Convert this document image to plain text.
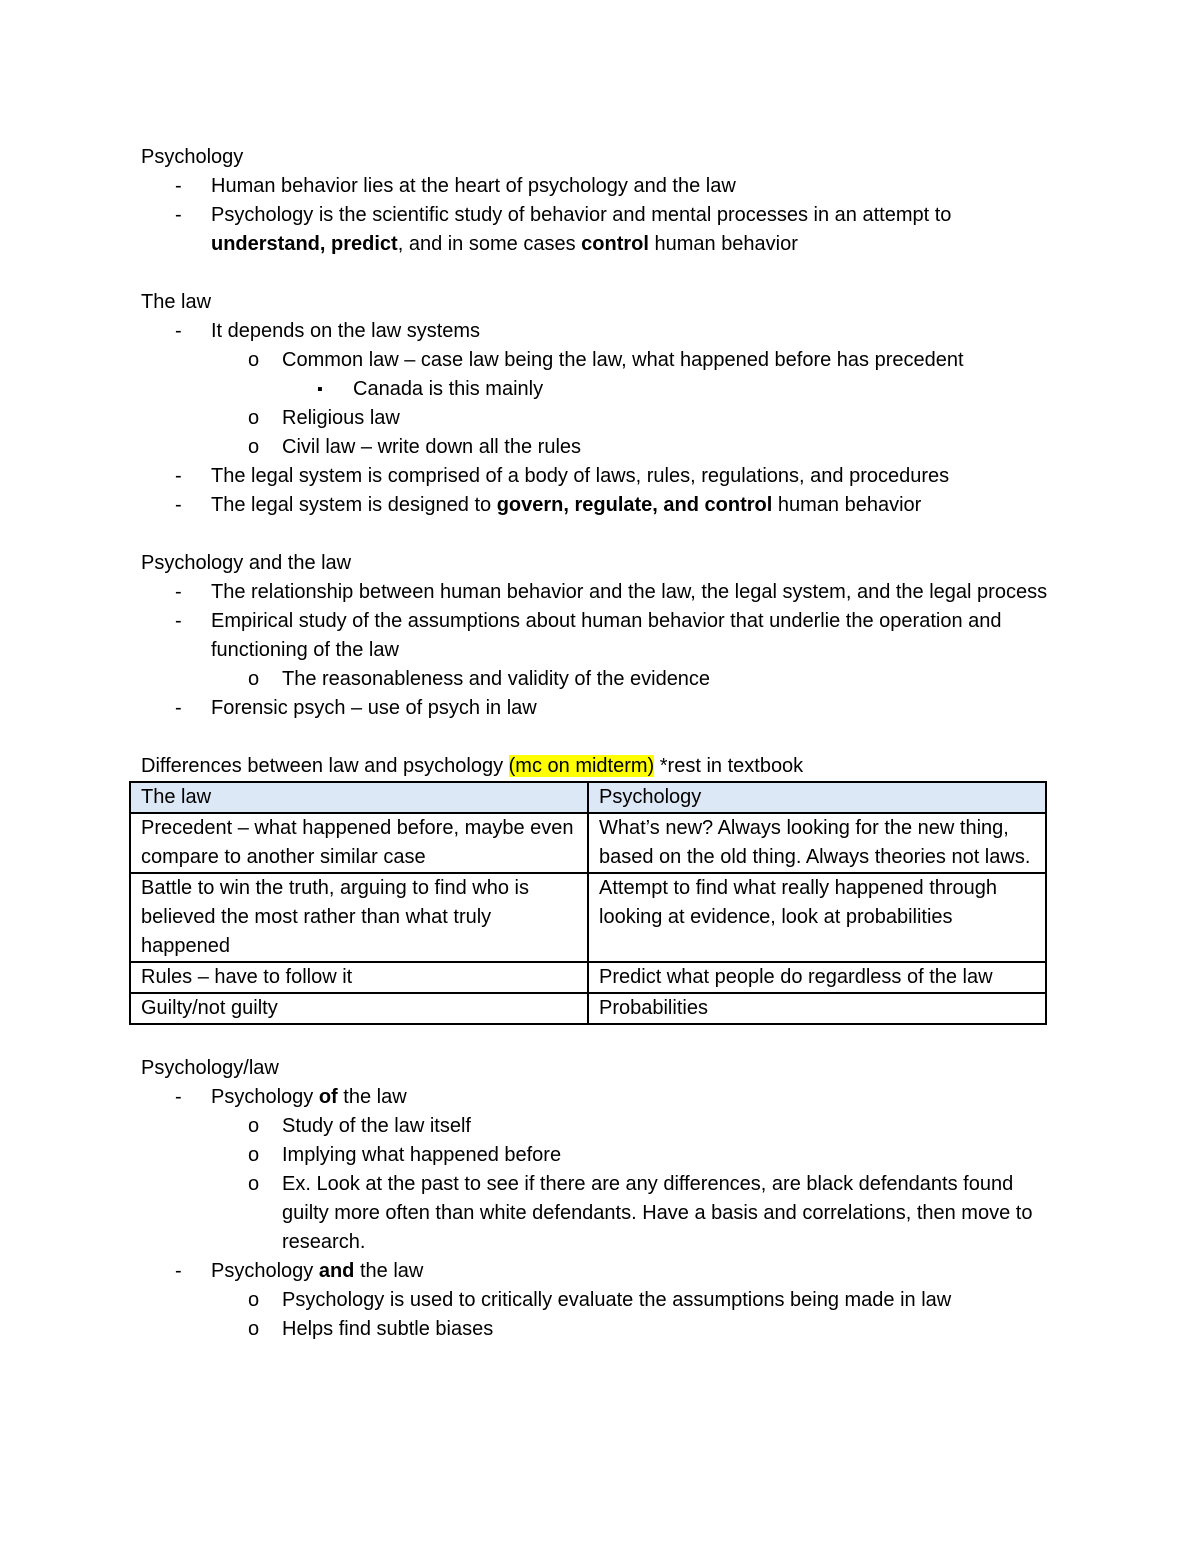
Psychology
- Human behavior lies at the heart of psychology and the law
- Psychology is the scientific study of behavior and mental processes in an attempt to understand, predict, and in some cases control human behavior
The law
- It depends on the law systems
o Common law – case law being the law, what happened before has precedent
▪ Canada is this mainly
o Religious law
o Civil law – write down all the rules
- The legal system is comprised of a body of laws, rules, regulations, and procedures
- The legal system is designed to govern, regulate, and control human behavior
Psychology and the law
- The relationship between human behavior and the law, the legal system, and the legal process
- Empirical study of the assumptions about human behavior that underlie the operation and functioning of the law
o The reasonableness and validity of the evidence
- Forensic psych – use of psych in law
Differences between law and psychology (mc on midterm) *rest in textbook
The law	Psychology
Precedent – what happened before, maybe even compare to another similar case	What’s new? Always looking for the new thing, based on the old thing. Always theories not laws.
Battle to win the truth, arguing to find who is believed the most rather than what truly happened	Attempt to find what really happened through looking at evidence, look at probabilities
Rules – have to follow it	Predict what people do regardless of the law
Guilty/not guilty	Probabilities
Psychology/law
- Psychology of the law
o Study of the law itself
o Implying what happened before
o Ex. Look at the past to see if there are any differences, are black defendants found guilty more often than white defendants. Have a basis and correlations, then move to research.
- Psychology and the law
o Psychology is used to critically evaluate the assumptions being made in law
o Helps find subtle biases
